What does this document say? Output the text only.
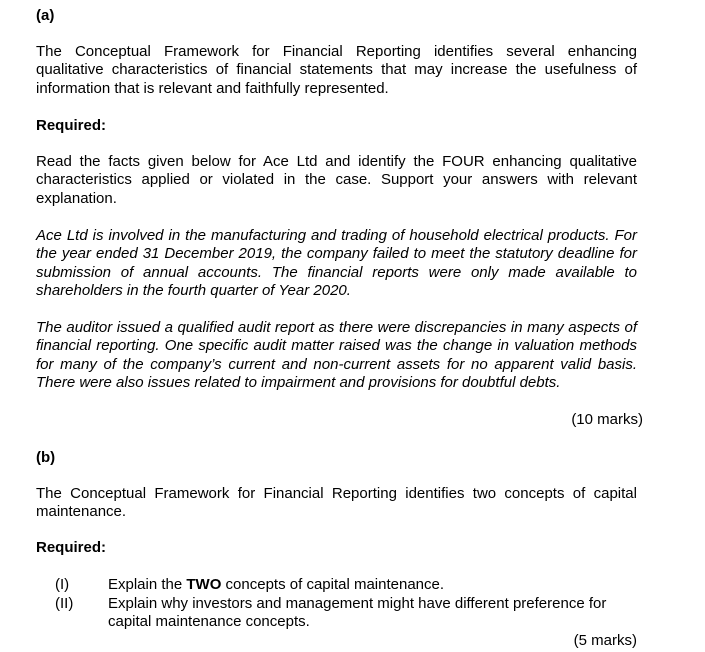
(a)
The Conceptual Framework for Financial Reporting identifies several enhancing qualitative characteristics of financial statements that may increase the usefulness of information that is relevant and faithfully represented.
Required:
Read the facts given below for Ace Ltd and identify the FOUR enhancing qualitative characteristics applied or violated in the case. Support your answers with relevant explanation.
Ace Ltd is involved in the manufacturing and trading of household electrical products. For the year ended 31 December 2019, the company failed to meet the statutory deadline for submission of annual accounts. The financial reports were only made available to shareholders in the fourth quarter of Year 2020.
The auditor issued a qualified audit report as there were discrepancies in many aspects of financial reporting. One specific audit matter raised was the change in valuation methods for many of the company’s current and non-current assets for no apparent valid basis. There were also issues related to impairment and provisions for doubtful debts.
(10 marks)
(b)
The Conceptual Framework for Financial Reporting identifies two concepts of capital maintenance.
Required:
(I)	Explain the TWO concepts of capital maintenance.
(II) Explain why investors and management might have different preference for capital maintenance concepts.
(5 marks)
